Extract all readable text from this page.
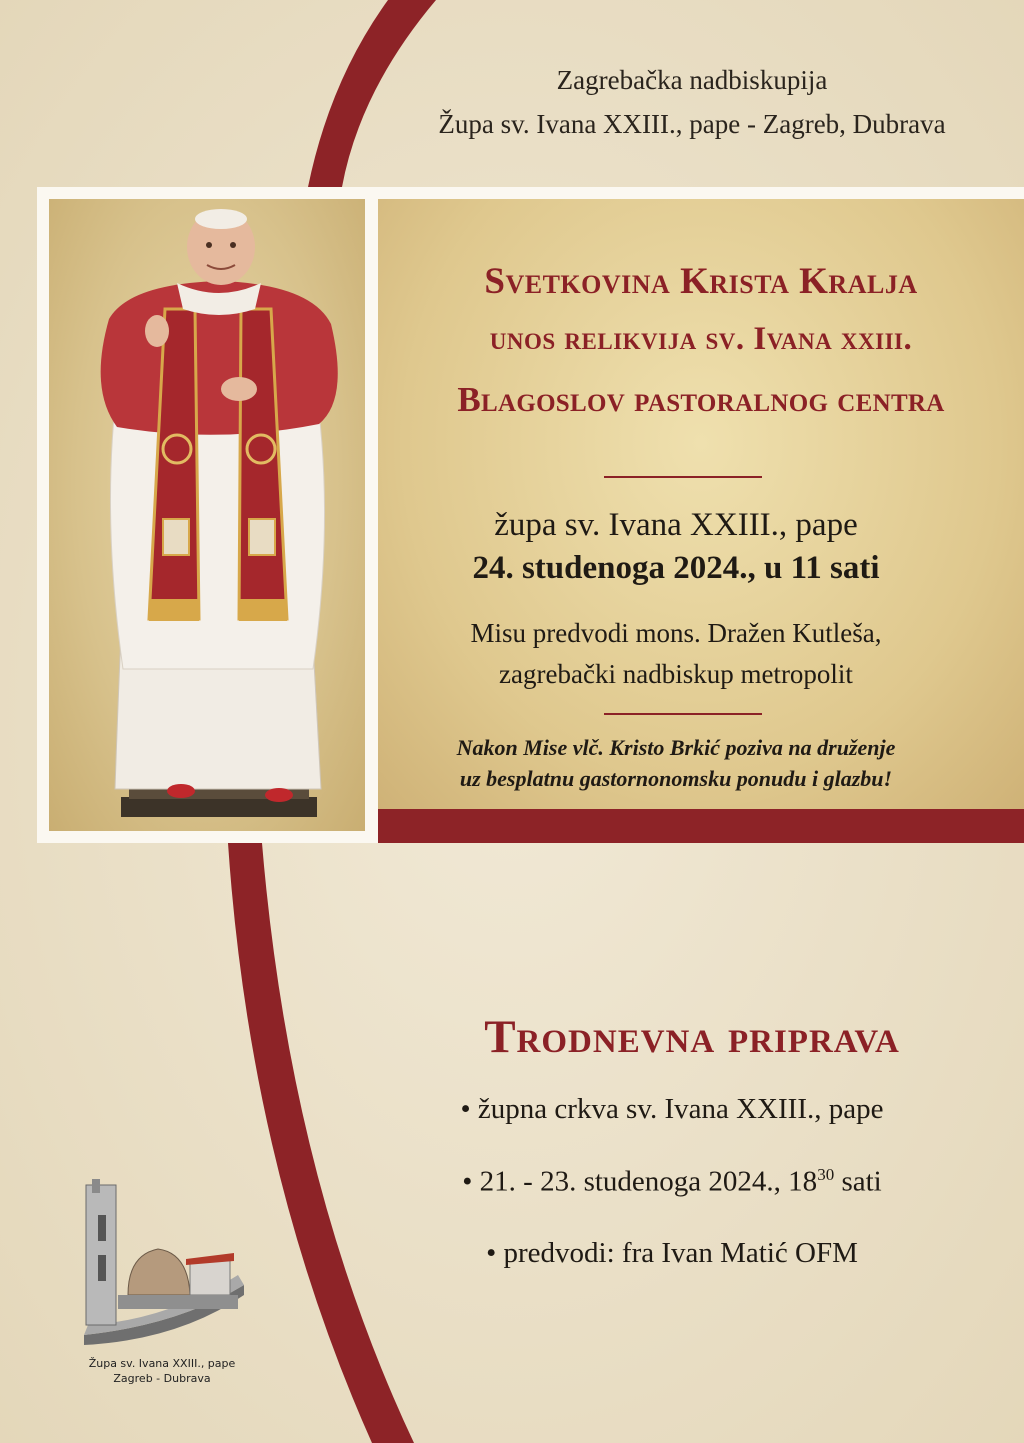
Zagrebačka nadbiskupija
Župa sv. Ivana XXIII., pape - Zagreb, Dubrava
Svetkovina Krista Kralja
unos relikvija sv. Ivana xxiii.
Blagoslov pastoralnog centra
župa sv. Ivana XXIII., pape
24. studenoga 2024., u 11 sati
Misu predvodi mons. Dražen Kutleša,
zagrebački nadbiskup metropolit
Nakon Mise vlč. Kristo Brkić poziva na druženje
uz besplatnu gastornonomsku ponudu i glazbu!
Trodnevna priprava
• župna crkva sv. Ivana XXIII., pape
• 21. - 23. studenoga 2024., $18^{30}$ sati
• predvodi: fra Ivan Matić OFM
Župa sv. Ivana XXIII., pape
Zagreb - Dubrava
